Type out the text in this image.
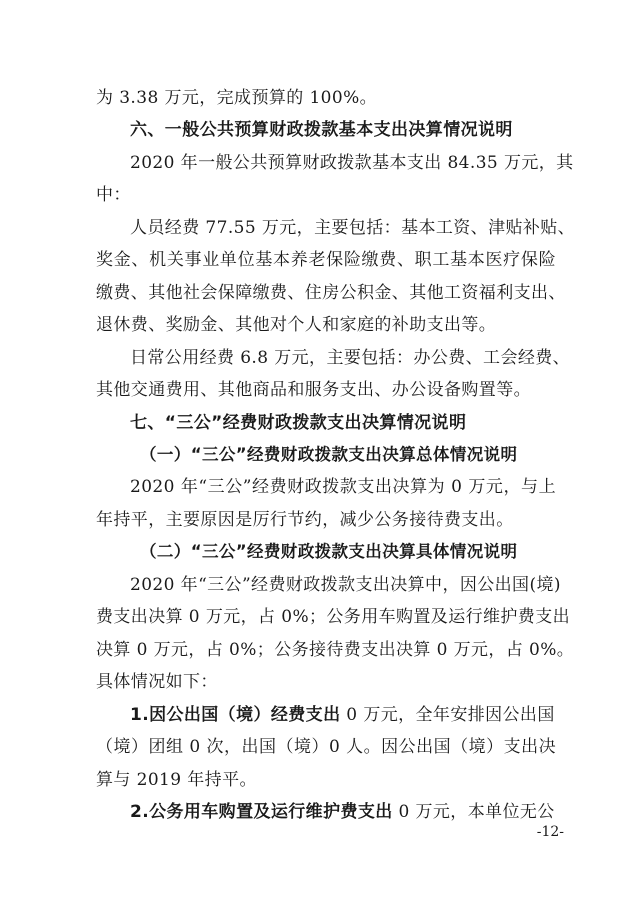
为 3.38 万元，完成预算的 100%。
六、一般公共预算财政拨款基本支出决算情况说明
2020 年一般公共预算财政拨款基本支出 84.35 万元，其
中：
人员经费 77.55 万元，主要包括：基本工资、津贴补贴、
奖金、机关事业单位基本养老保险缴费、职工基本医疗保险
缴费、其他社会保障缴费、住房公积金、其他工资福利支出、
退休费、奖励金、其他对个人和家庭的补助支出等。
日常公用经费 6.8 万元，主要包括：办公费、工会经费、
其他交通费用、其他商品和服务支出、办公设备购置等。
七、“三公”经费财政拨款支出决算情况说明
（一）“三公”经费财政拨款支出决算总体情况说明
2020 年“三公”经费财政拨款支出决算为 0 万元，与上
年持平，主要原因是厉行节约，减少公务接待费支出。
（二）“三公”经费财政拨款支出决算具体情况说明
2020 年“三公”经费财政拨款支出决算中，因公出国(境)
费支出决算 0 万元，占 0%；公务用车购置及运行维护费支出
决算 0 万元，占 0%；公务接待费支出决算 0 万元，占 0%。
具体情况如下：
1.因公出国（境）经费支出 0 万元，全年安排因公出国
（境）团组 0 次，出国（境）0 人。因公出国（境）支出决
算与 2019 年持平。
2.公务用车购置及运行维护费支出 0 万元，本单位无公
-12-
